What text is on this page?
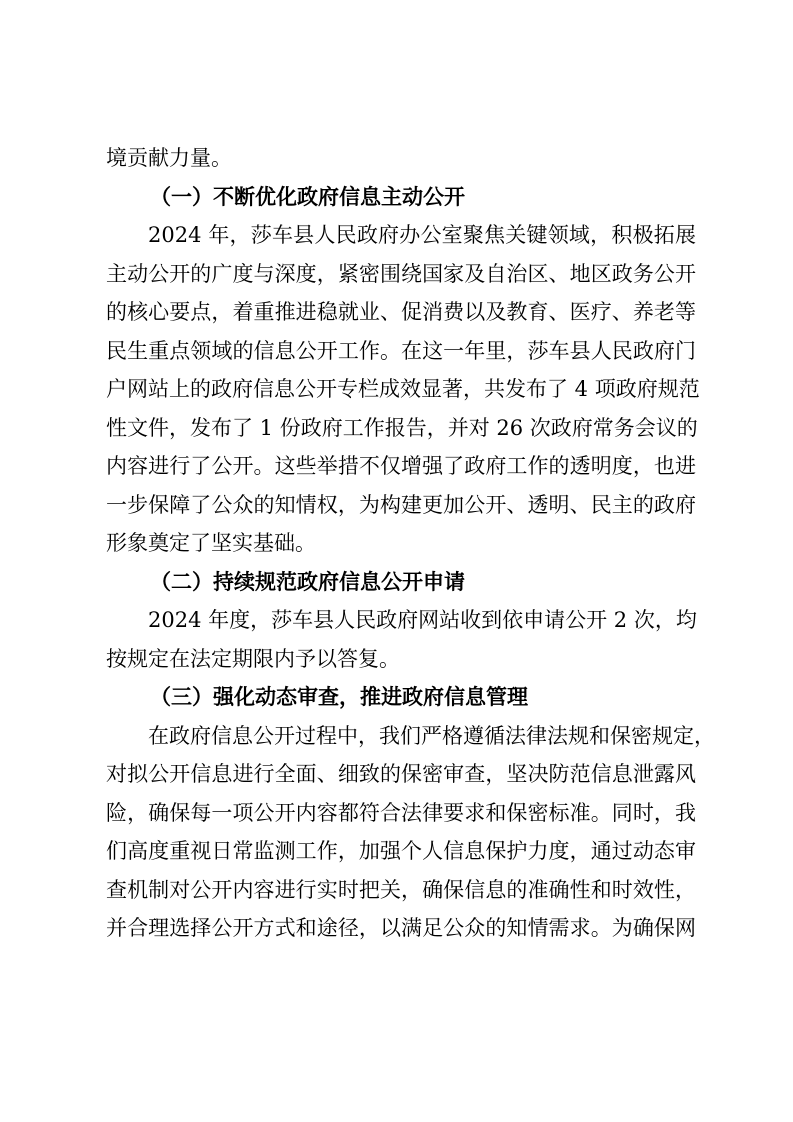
境贡献力量。
（一）不断优化政府信息主动公开
2024 年，莎车县人民政府办公室聚焦关键领域，积极拓展
主动公开的广度与深度，紧密围绕国家及自治区、地区政务公开
的核心要点，着重推进稳就业、促消费以及教育、医疗、养老等
民生重点领域的信息公开工作。在这一年里，莎车县人民政府门
户网站上的政府信息公开专栏成效显著，共发布了 4 项政府规范
性文件，发布了 1 份政府工作报告，并对 26 次政府常务会议的
内容进行了公开。这些举措不仅增强了政府工作的透明度，也进
一步保障了公众的知情权，为构建更加公开、透明、民主的政府
形象奠定了坚实基础。
（二）持续规范政府信息公开申请
2024 年度，莎车县人民政府网站收到依申请公开 2 次，均
按规定在法定期限内予以答复。
（三）强化动态审查，推进政府信息管理
在政府信息公开过程中，我们严格遵循法律法规和保密规定，
对拟公开信息进行全面、细致的保密审查，坚决防范信息泄露风
险，确保每一项公开内容都符合法律要求和保密标准。同时，我
们高度重视日常监测工作，加强个人信息保护力度，通过动态审
查机制对公开内容进行实时把关，确保信息的准确性和时效性，
并合理选择公开方式和途径，以满足公众的知情需求。为确保网
